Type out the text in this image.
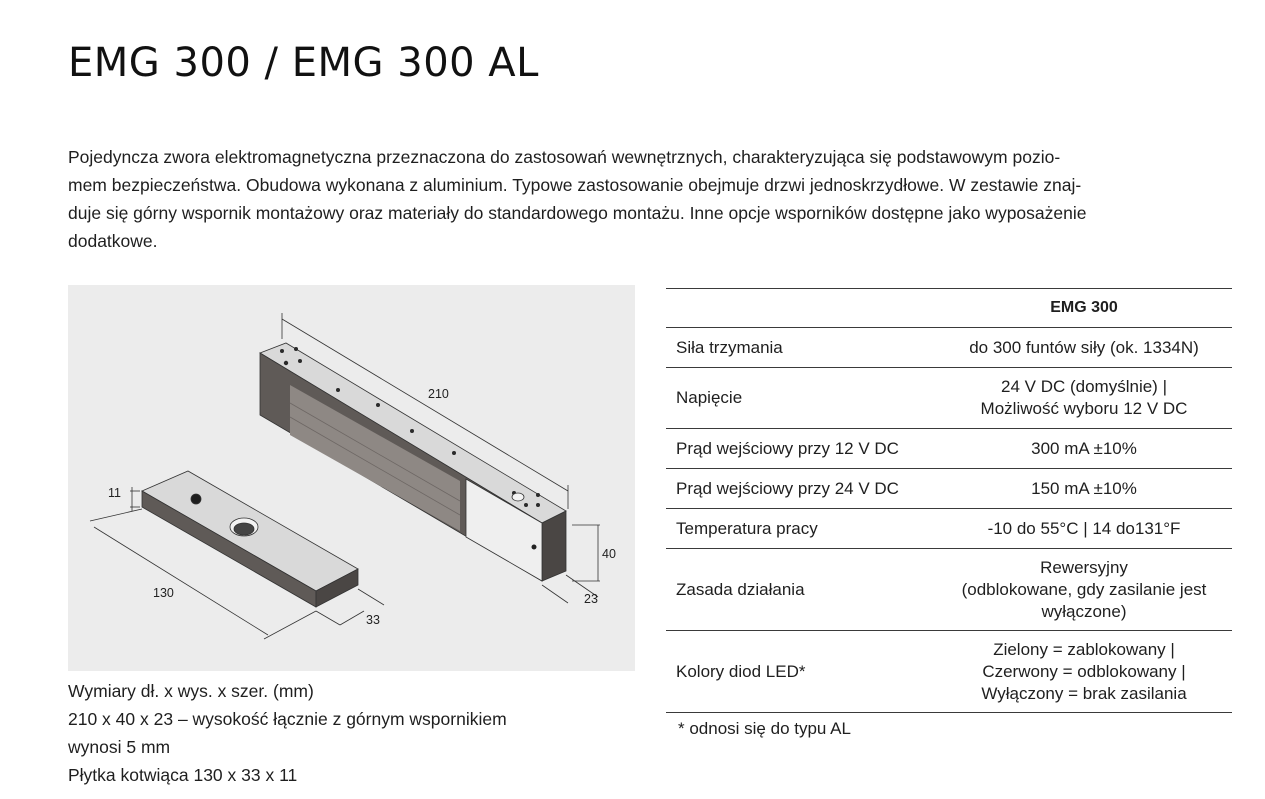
EMG 300 / EMG 300 AL
Pojedyncza zwora elektromagnetyczna przeznaczona do zastosowań wewnętrznych, charakteryzująca się podstawowym pozio-
mem bezpieczeństwa. Obudowa wykonana z aluminium. Typowe zastosowanie obejmuje drzwi jednoskrzydłowe. W zestawie znaj-
duje się górny wspornik montażowy oraz materiały do standardowego montażu. Inne opcje wsporników dostępne jako wyposażenie
dodatkowe.
210
40
23
130
33
11
Wymiary dł. x wys. x szer. (mm)
210 x 40 x 23 – wysokość łącznie z górnym wspornikiem
wynosi 5 mm
Płytka kotwiąca 130 x 33 x 11
	EMG 300
Siła trzymania	do 300 funtów siły (ok. 1334N)

Napięcie	24 V DC (domyślnie) |
Możliwość wyboru 12 V DC

Prąd wejściowy przy 12 V DC	300 mA ±10%

Prąd wejściowy przy 24 V DC	150 mA ±10%

Temperatura pracy	-10 do 55°C | 14 do131°F

Zasada działania	Rewersyjny
(odblokowane, gdy zasilanie jest
wyłączone)

Kolory diod LED*	Zielony = zablokowany |
Czerwony = odblokowany |
Wyłączony = brak zasilania
* odnosi się do typu AL
